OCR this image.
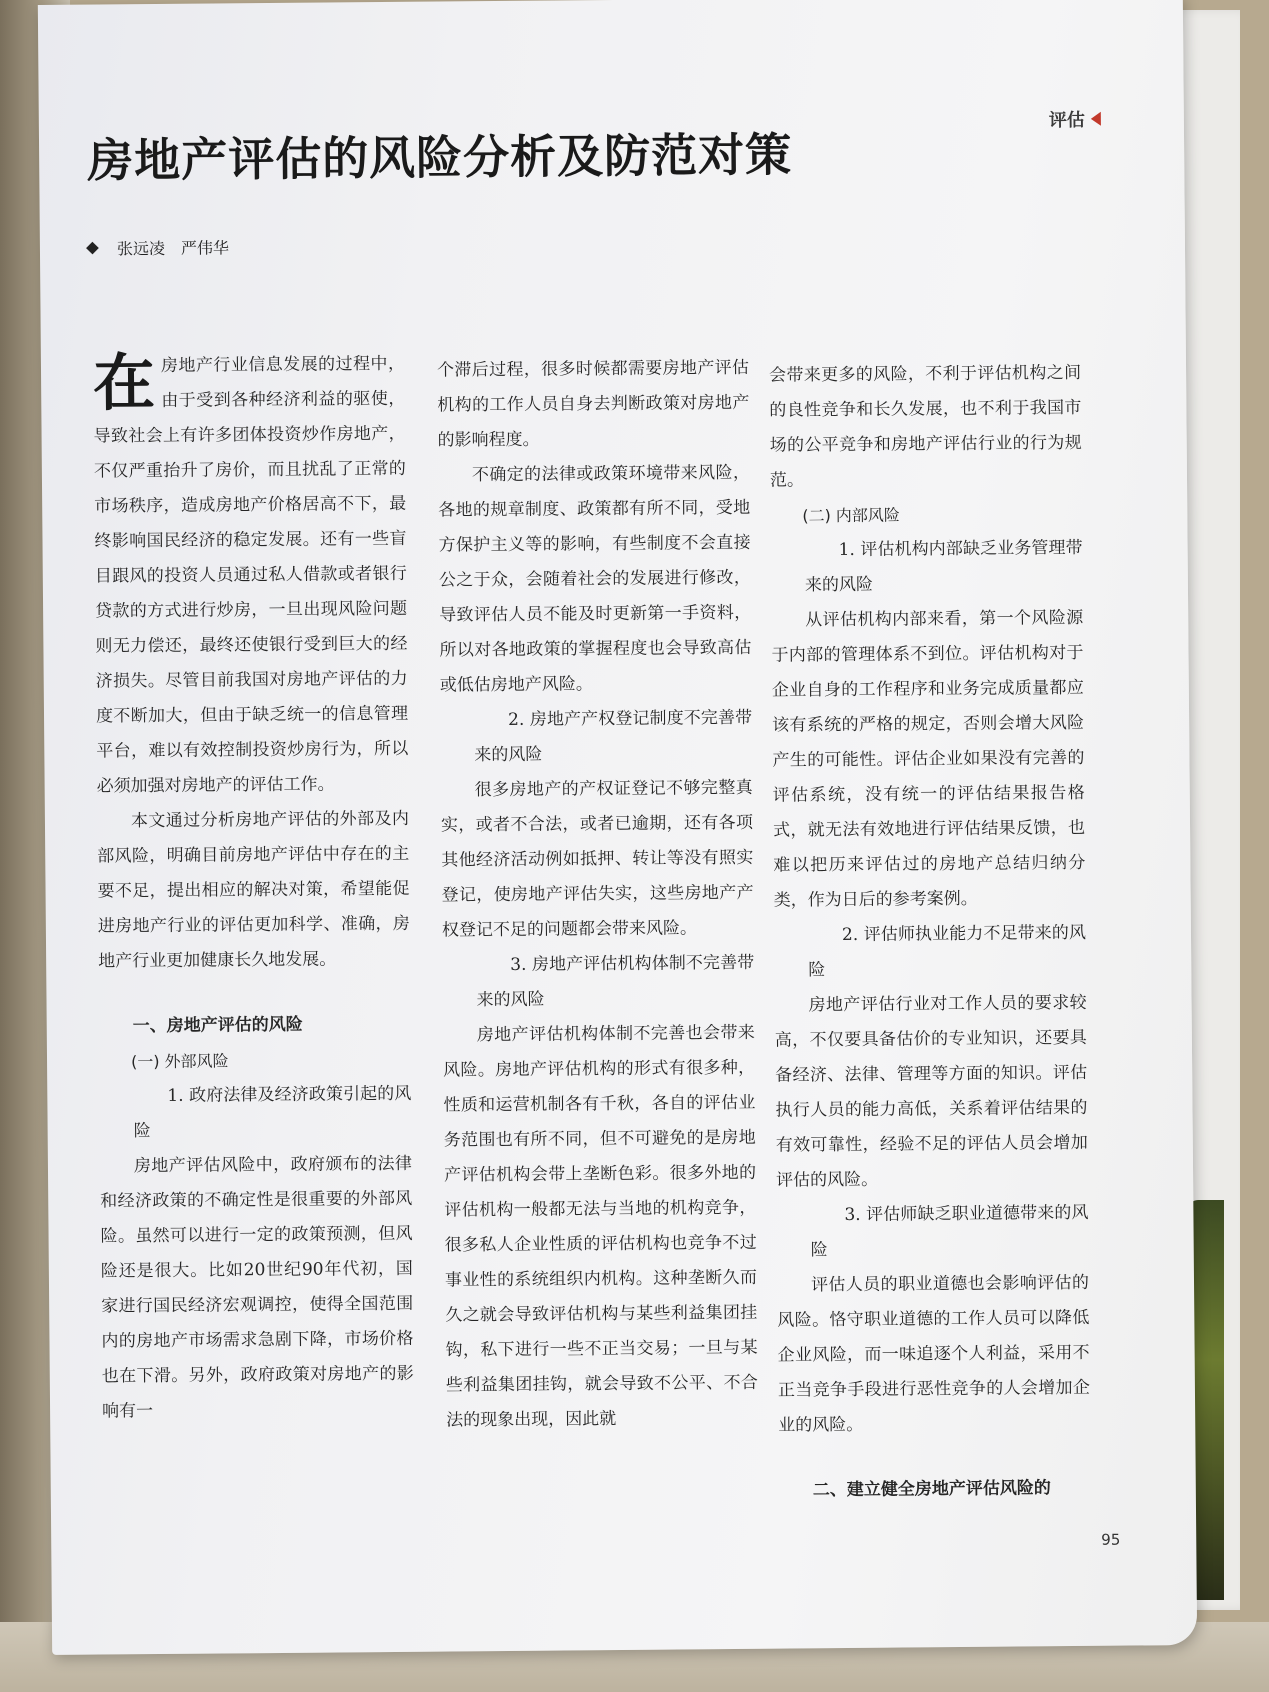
评估
房地产评估的风险分析及防范对策
张远凌　严伟华

在房地产行业信息发展的过程中，由于受到各种经济利益的驱使，导致社会上有许多团体投资炒作房地产，不仅严重抬升了房价，而且扰乱了正常的市场秩序，造成房地产价格居高不下，最终影响国民经济的稳定发展。还有一些盲目跟风的投资人员通过私人借款或者银行贷款的方式进行炒房，一旦出现风险问题则无力偿还，最终还使银行受到巨大的经济损失。尽管目前我国对房地产评估的力度不断加大，但由于缺乏统一的信息管理平台，难以有效控制投资炒房行为，所以必须加强对房地产的评估工作。

本文通过分析房地产评估的外部及内部风险，明确目前房地产评估中存在的主要不足，提出相应的解决对策，希望能促进房地产行业的评估更加科学、准确，房地产行业更加健康长久地发展。

一、房地产评估的风险
(一) 外部风险

1. 政府法律及经济政策引起的风险

房地产评估风险中，政府颁布的法律和经济政策的不确定性是很重要的外部风险。虽然可以进行一定的政策预测，但风险还是很大。比如20世纪90年代初，国家进行国民经济宏观调控，使得全国范围内的房地产市场需求急剧下降，市场价格也在下滑。另外，政府政策对房地产的影响有一

个滞后过程，很多时候都需要房地产评估机构的工作人员自身去判断政策对房地产的影响程度。

不确定的法律或政策环境带来风险，各地的规章制度、政策都有所不同，受地方保护主义等的影响，有些制度不会直接公之于众，会随着社会的发展进行修改，导致评估人员不能及时更新第一手资料，所以对各地政策的掌握程度也会导致高估或低估房地产风险。

2. 房地产产权登记制度不完善带来的风险

很多房地产的产权证登记不够完整真实，或者不合法，或者已逾期，还有各项其他经济活动例如抵押、转让等没有照实登记，使房地产评估失实，这些房地产产权登记不足的问题都会带来风险。

3. 房地产评估机构体制不完善带来的风险

房地产评估机构体制不完善也会带来风险。房地产评估机构的形式有很多种，性质和运营机制各有千秋，各自的评估业务范围也有所不同，但不可避免的是房地产评估机构会带上垄断色彩。很多外地的评估机构一般都无法与当地的机构竞争，很多私人企业性质的评估机构也竞争不过事业性的系统组织内机构。这种垄断久而久之就会导致评估机构与某些利益集团挂钩，私下进行一些不正当交易；一旦与某些利益集团挂钩，就会导致不公平、不合法的现象出现，因此就

会带来更多的风险，不利于评估机构之间的良性竞争和长久发展，也不利于我国市场的公平竞争和房地产评估行业的行为规范。

(二) 内部风险

1. 评估机构内部缺乏业务管理带来的风险

从评估机构内部来看，第一个风险源于内部的管理体系不到位。评估机构对于企业自身的工作程序和业务完成质量都应该有系统的严格的规定，否则会增大风险产生的可能性。评估企业如果没有完善的评估系统，没有统一的评估结果报告格式，就无法有效地进行评估结果反馈，也难以把历来评估过的房地产总结归纳分类，作为日后的参考案例。

2. 评估师执业能力不足带来的风险

房地产评估行业对工作人员的要求较高，不仅要具备估价的专业知识，还要具备经济、法律、管理等方面的知识。评估执行人员的能力高低，关系着评估结果的有效可靠性，经验不足的评估人员会增加评估的风险。

3. 评估师缺乏职业道德带来的风险

评估人员的职业道德也会影响评估的风险。恪守职业道德的工作人员可以降低企业风险，而一味追逐个人利益，采用不正当竞争手段进行恶性竞争的人会增加企业的风险。

二、建立健全房地产评估风险的
95
